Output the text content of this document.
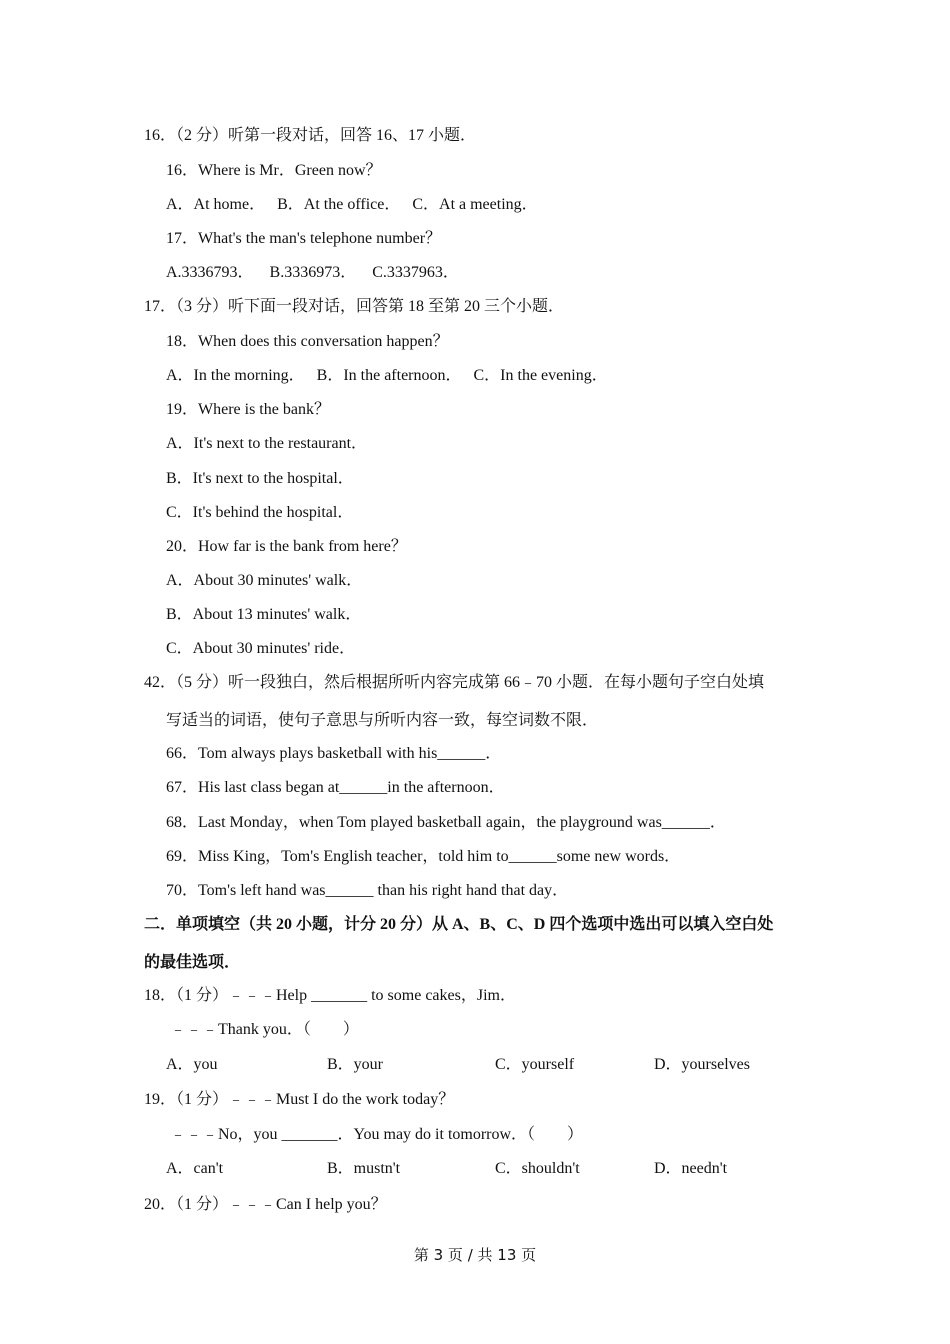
16．（2 分）听第一段对话，回答 16、17 小题．
16．Where is Mr．Green now？
A．At home．   B．At the office．   C．At a meeting．
17．What's the man's telephone number？
A.3336793．    B.3336973．    C.3337963．
17．（3 分）听下面一段对话，回答第 18 至第 20 三个小题．
18．When does this conversation happen？
A．In the morning．   B．In the afternoon．   C．In the evening．
19．Where is the bank？
A．It's next to the restaurant．
B．It's next to the hospital．
C．It's behind the hospital．
20．How far is the bank from here？
A．About 30 minutes' walk．
B．About 13 minutes' walk．
C．About 30 minutes' ride．
42．（5 分）听一段独白，然后根据所听内容完成第 66﹣70 小题．在每小题句子空白处填
写适当的词语，使句子意思与所听内容一致，每空词数不限．
66．Tom always plays basketball with his______．
67．His last class began at______in the afternoon．
68．Last Monday，when Tom played basketball again，the playground was______．
69．Miss King，Tom's English teacher，told him to______some new words．
70．Tom's left hand was______ than his right hand that day．
二．单项填空（共 20 小题，计分 20 分）从 A、B、C、D 四个选项中选出可以填入空白处
的最佳选项．
18．（1 分）﹣﹣﹣Help _______ to some cakes，Jim．
﹣﹣﹣Thank you．（　　）
A．you	B．your	C．yourself	D．yourselves
19．（1 分）﹣﹣﹣Must I do the work today？
﹣﹣﹣No，you _______．You may do it tomorrow．（　　）
A．can't	B．mustn't	C．shouldn't	D．needn't
20．（1 分）﹣﹣﹣Can I help you？
第 3 页 / 共 13 页
